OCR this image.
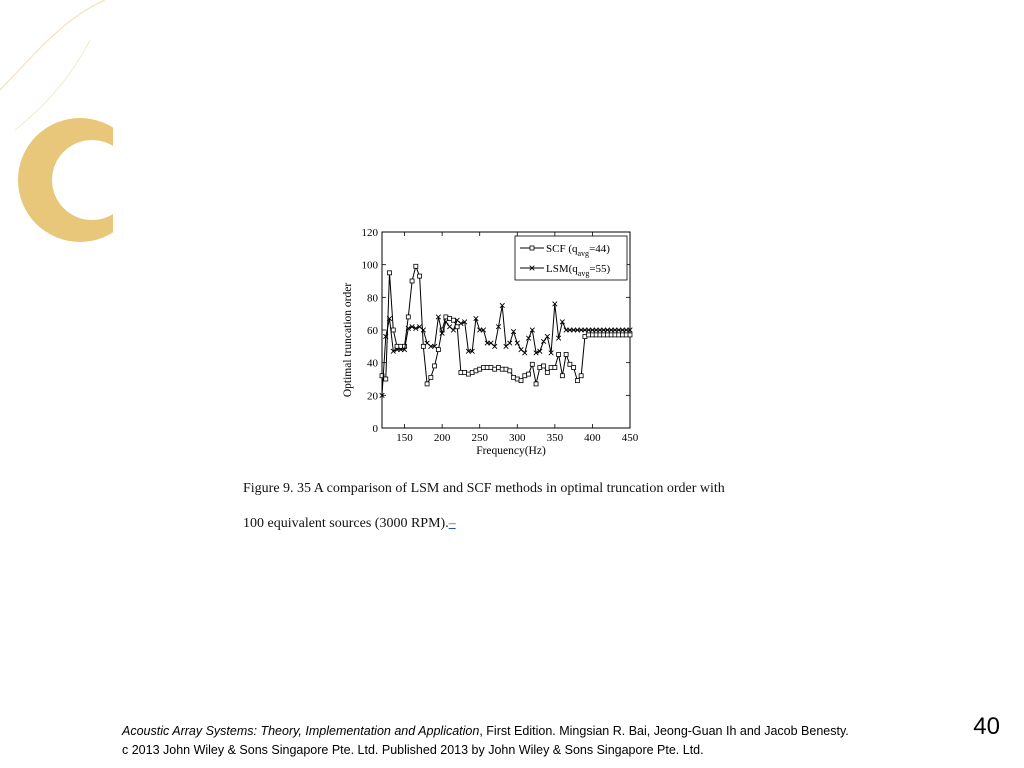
150 200 250 300 350 400 450
0
20
40
60
80
100
120
Frequency(Hz)
Optimal truncation order
SCF $(q_{avg}=44)$
$LSM(q_{avg}=55)$
Figure 9. 35 A comparison of LSM and SCF methods in optimal truncation order with
100 equivalent sources (3000 RPM).–
Acoustic Array Systems: Theory, Implementation and Application, First Edition. Mingsian R. Bai, Jeong-Guan Ih and Jacob Benesty.
c 2013 John Wiley & Sons Singapore Pte. Ltd. Published 2013 by John Wiley & Sons Singapore Pte. Ltd.
40
